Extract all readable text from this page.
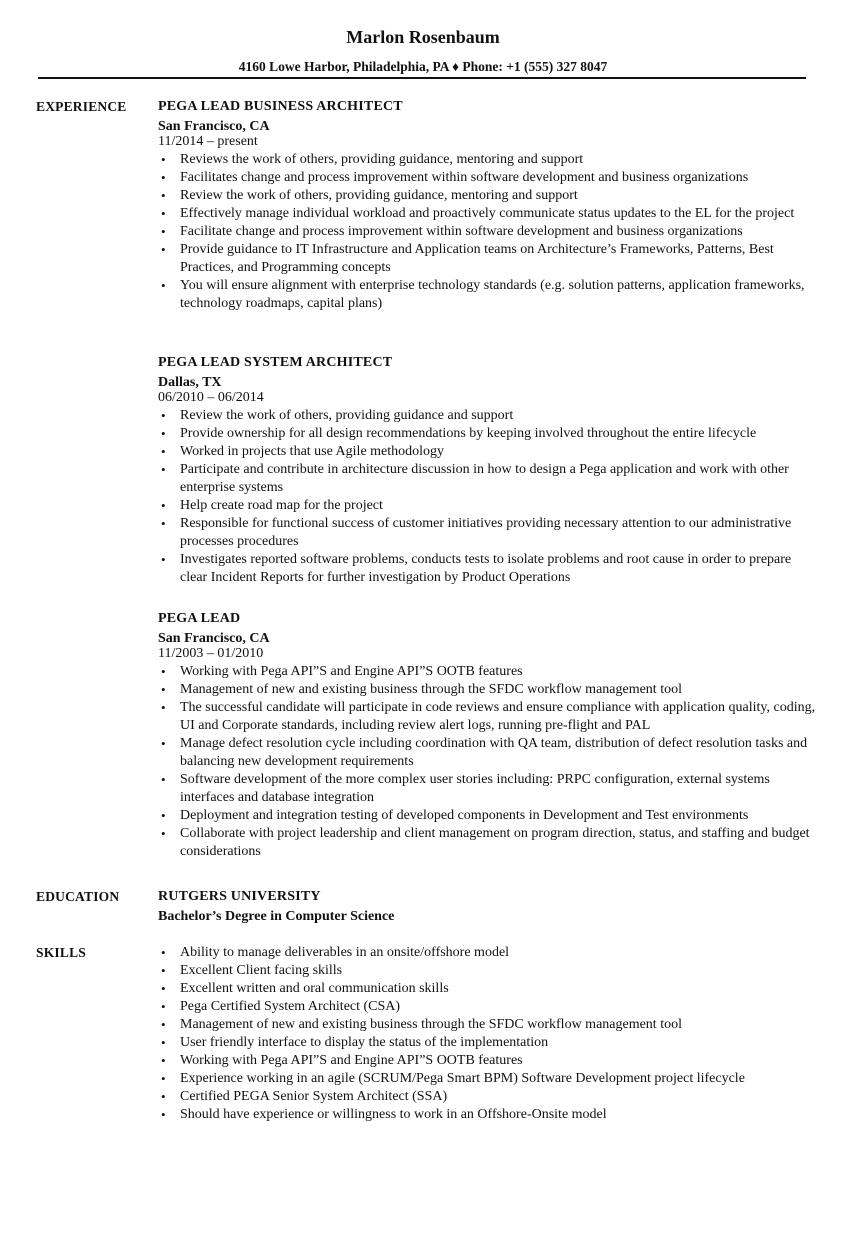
Marlon Rosenbaum
4160 Lowe Harbor, Philadelphia, PA ♦ Phone: +1 (555) 327 8047
EXPERIENCE PEGA LEAD BUSINESS ARCHITECT
San Francisco, CA
11/2014 – present
• Reviews the work of others, providing guidance, mentoring and support
• Facilitates change and process improvement within software development and business organizations
• Review the work of others, providing guidance, mentoring and support
• Effectively manage individual workload and proactively communicate status updates to the EL for the project
• Facilitate change and process improvement within software development and business organizations
• Provide guidance to IT Infrastructure and Application teams on Architecture’s Frameworks, Patterns, Best Practices, and Programming concepts
• You will ensure alignment with enterprise technology standards (e.g. solution patterns, application frameworks, technology roadmaps, capital plans)
PEGA LEAD SYSTEM ARCHITECT
Dallas, TX
06/2010 – 06/2014
• Review the work of others, providing guidance and support
• Provide ownership for all design recommendations by keeping involved throughout the entire lifecycle
• Worked in projects that use Agile methodology
• Participate and contribute in architecture discussion in how to design a Pega application and work with other enterprise systems
• Help create road map for the project
• Responsible for functional success of customer initiatives providing necessary attention to our administrative processes procedures
• Investigates reported software problems, conducts tests to isolate problems and root cause in order to prepare clear Incident Reports for further investigation by Product Operations
PEGA LEAD
San Francisco, CA
11/2003 – 01/2010
• Working with Pega API”S and Engine API”S OOTB features
• Management of new and existing business through the SFDC workflow management tool
• The successful candidate will participate in code reviews and ensure compliance with application quality, coding, UI and Corporate standards, including review alert logs, running pre-flight and PAL
• Manage defect resolution cycle including coordination with QA team, distribution of defect resolution tasks and balancing new development requirements
• Software development of the more complex user stories including: PRPC configuration, external systems interfaces and database integration
• Deployment and integration testing of developed components in Development and Test environments
• Collaborate with project leadership and client management on program direction, status, and staffing and budget considerations
EDUCATION	RUTGERS UNIVERSITY
Bachelor’s Degree in Computer Science
SKILLS
•	Ability to manage deliverables in an onsite/offshore model
• Excellent Client facing skills
• Excellent written and oral communication skills
• Pega Certified System Architect (CSA)
• Management of new and existing business through the SFDC workflow management tool
• User friendly interface to display the status of the implementation
• Working with Pega API”S and Engine API”S OOTB features
• Experience working in an agile (SCRUM/Pega Smart BPM) Software Development project lifecycle
• Certified PEGA Senior System Architect (SSA)
• Should have experience or willingness to work in an Offshore-Onsite model
